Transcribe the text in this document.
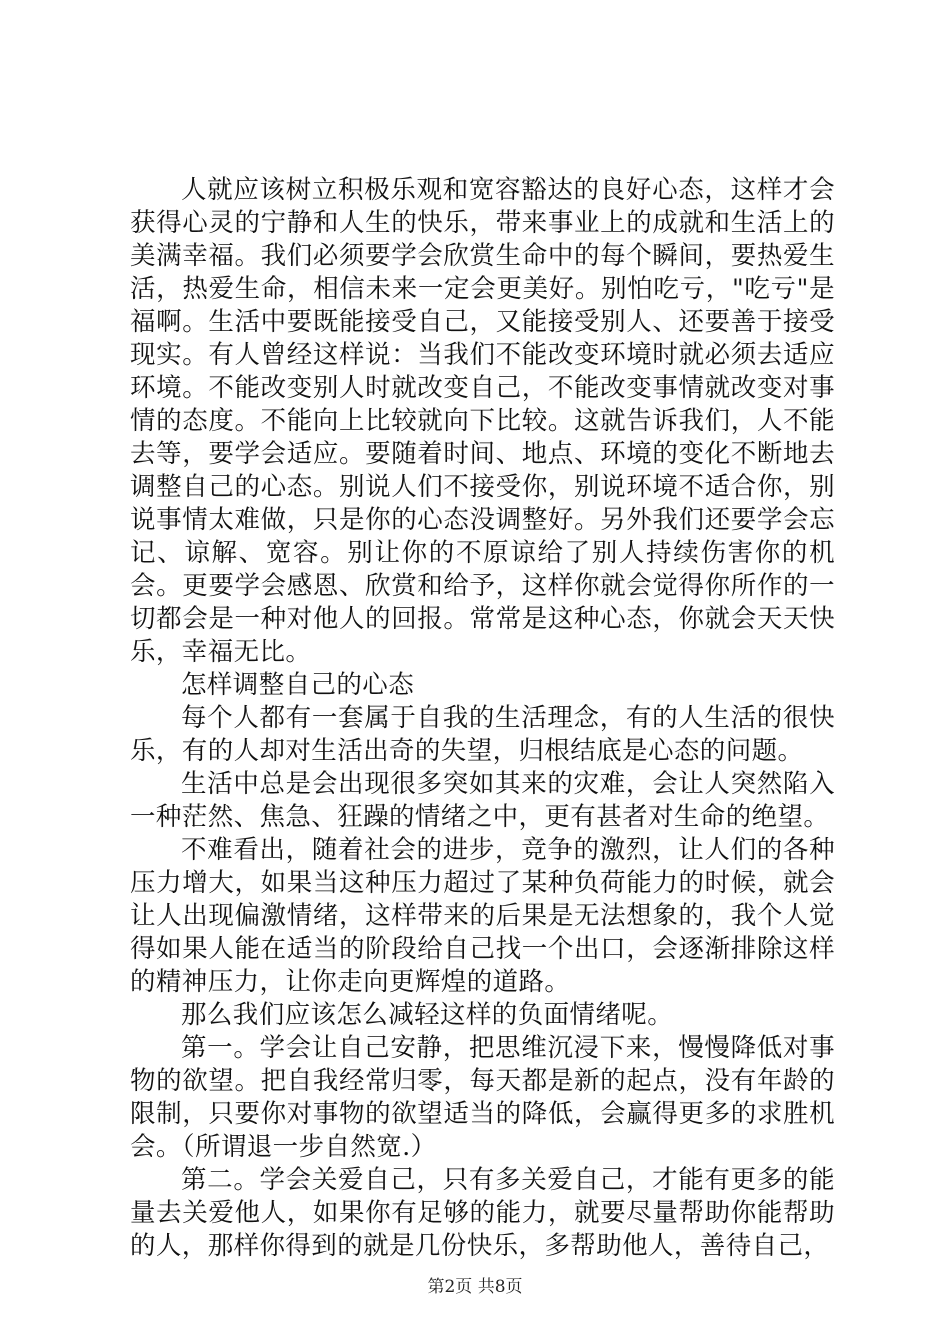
人就应该树立积极乐观和宽容豁达的良好心态，这样才会获得心灵的宁静和人生的快乐，带来事业上的成就和生活上的美满幸福。我们必须要学会欣赏生命中的每个瞬间，要热爱生活，热爱生命，相信未来一定会更美好。别怕吃亏，"吃亏"是福啊。生活中要既能接受自己，又能接受别人、还要善于接受现实。有人曾经这样说：当我们不能改变环境时就必须去适应环境。不能改变别人时就改变自己，不能改变事情就改变对事情的态度。不能向上比较就向下比较。这就告诉我们，人不能去等，要学会适应。要随着时间、地点、环境的变化不断地去调整自己的心态。别说人们不接受你，别说环境不适合你，别说事情太难做，只是你的心态没调整好。另外我们还要学会忘记、谅解、宽容。别让你的不原谅给了别人持续伤害你的机会。更要学会感恩、欣赏和给予，这样你就会觉得你所作的一切都会是一种对他人的回报。常常是这种心态，你就会天天快乐，幸福无比。

怎样调整自己的心态

每个人都有一套属于自我的生活理念，有的人生活的很快乐，有的人却对生活出奇的失望，归根结底是心态的问题。

生活中总是会出现很多突如其来的灾难，会让人突然陷入一种茫然、焦急、狂躁的情绪之中，更有甚者对生命的绝望。

不难看出，随着社会的进步，竞争的激烈，让人们的各种压力增大，如果当这种压力超过了某种负荷能力的时候，就会让人出现偏激情绪，这样带来的后果是无法想象的，我个人觉得如果人能在适当的阶段给自己找一个出口，会逐渐排除这样的精神压力，让你走向更辉煌的道路。

那么我们应该怎么减轻这样的负面情绪呢。

第一。学会让自己安静，把思维沉浸下来，慢慢降低对事物的欲望。把自我经常归零，每天都是新的起点，没有年龄的限制，只要你对事物的欲望适当的降低，会赢得更多的求胜机会。（所谓退一步自然宽.）

第二。学会关爱自己，只有多关爱自己，才能有更多的能量去关爱他人，如果你有足够的能力，就要尽量帮助你能帮助的人，那样你得到的就是几份快乐，多帮助他人，善待自己，

第2页 共8页
